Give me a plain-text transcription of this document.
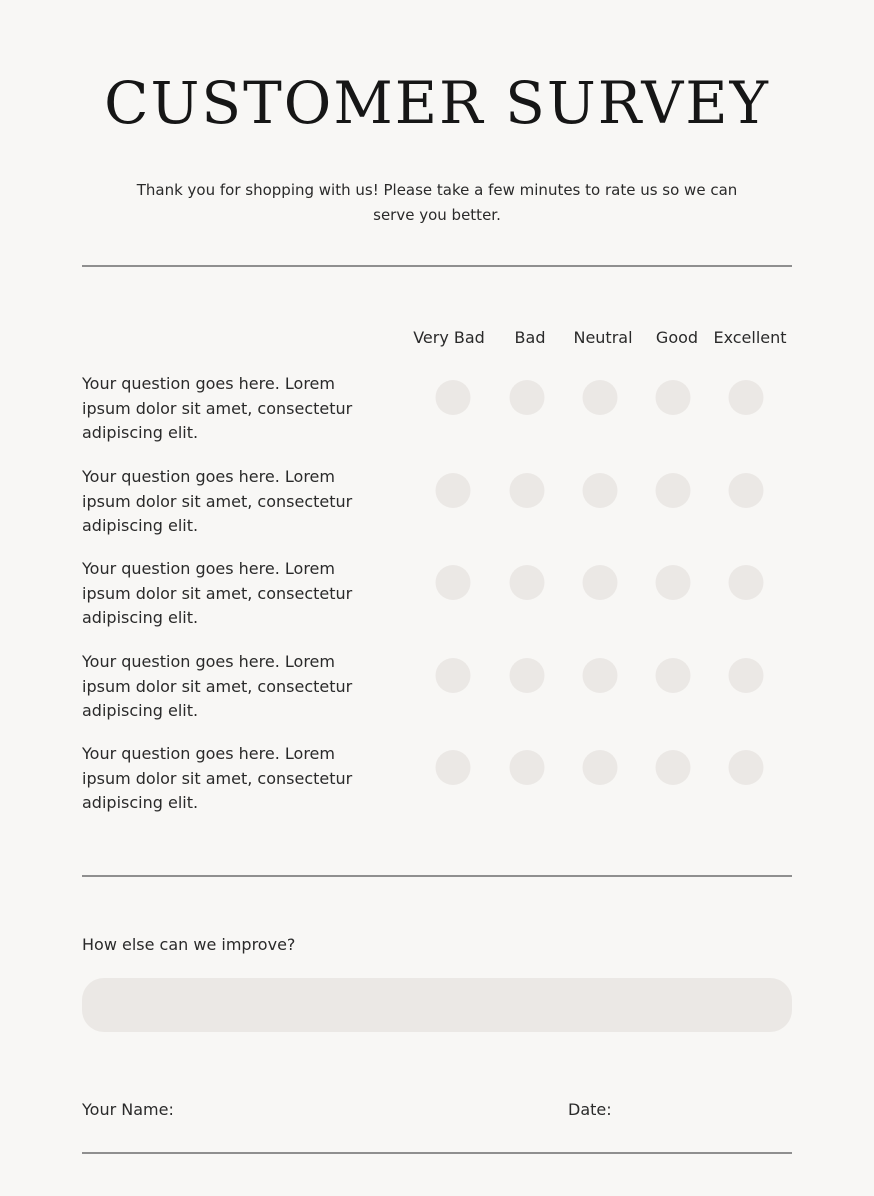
CUSTOMER SURVEY
Thank you for shopping with us! Please take a few minutes to rate us so we can
serve you better.
Very Bad Bad Neutral Good Excellent
Your question goes here. Lorem
ipsum dolor sit amet, consectetur
adipiscing elit.
Your question goes here. Lorem
ipsum dolor sit amet, consectetur
adipiscing elit.
Your question goes here. Lorem
ipsum dolor sit amet, consectetur
adipiscing elit.
Your question goes here. Lorem
ipsum dolor sit amet, consectetur
adipiscing elit.
Your question goes here. Lorem
ipsum dolor sit amet, consectetur
adipiscing elit.
How else can we improve?
Your Name:	Date:
